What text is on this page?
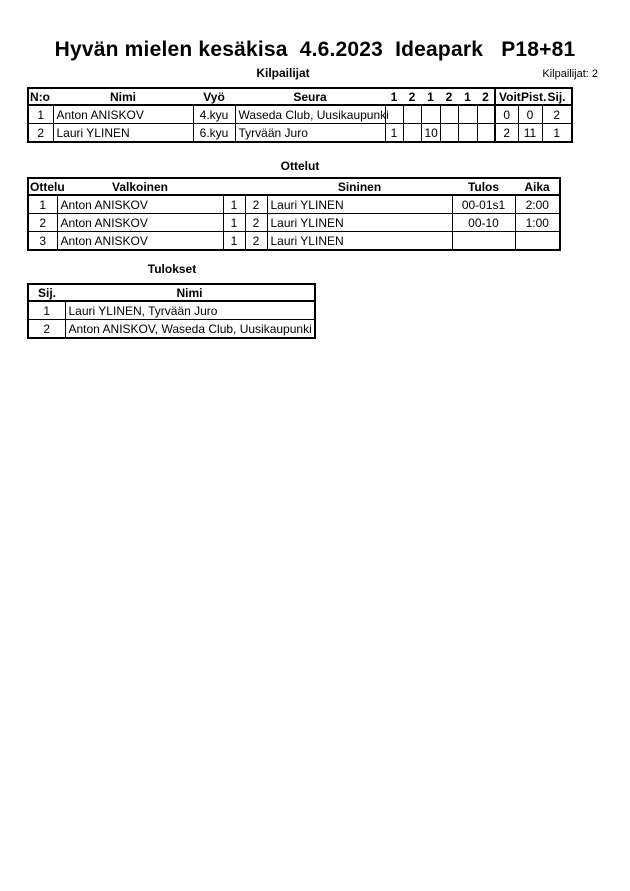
Hyvän mielen kesäkisa  4.6.2023  Ideapark   P18+81
Kilpailijat	Kilpailijat: 2
N:o	Nimi	Vyö	Seura	1	2	1	2	1	2	Voit.	Pist.	Sij.
1	Anton ANISKOV	4.kyu	Waseda Club, Uusikaupunki							0	0	2
2	Lauri YLINEN	6.kyu	Tyrvään Juro	1		10				2	11	1
Ottelut
Ottelu	Valkoinen			Sininen	Tulos	Aika
1	Anton ANISKOV	1	2	Lauri YLINEN	00-01s1	2:00
2	Anton ANISKOV	1	2	Lauri YLINEN	00-10	1:00
3	Anton ANISKOV	1	2	Lauri YLINEN		
Tulokset
Sij.	Nimi
1	Lauri YLINEN, Tyrvään Juro
2	Anton ANISKOV, Waseda Club, Uusikaupunki
